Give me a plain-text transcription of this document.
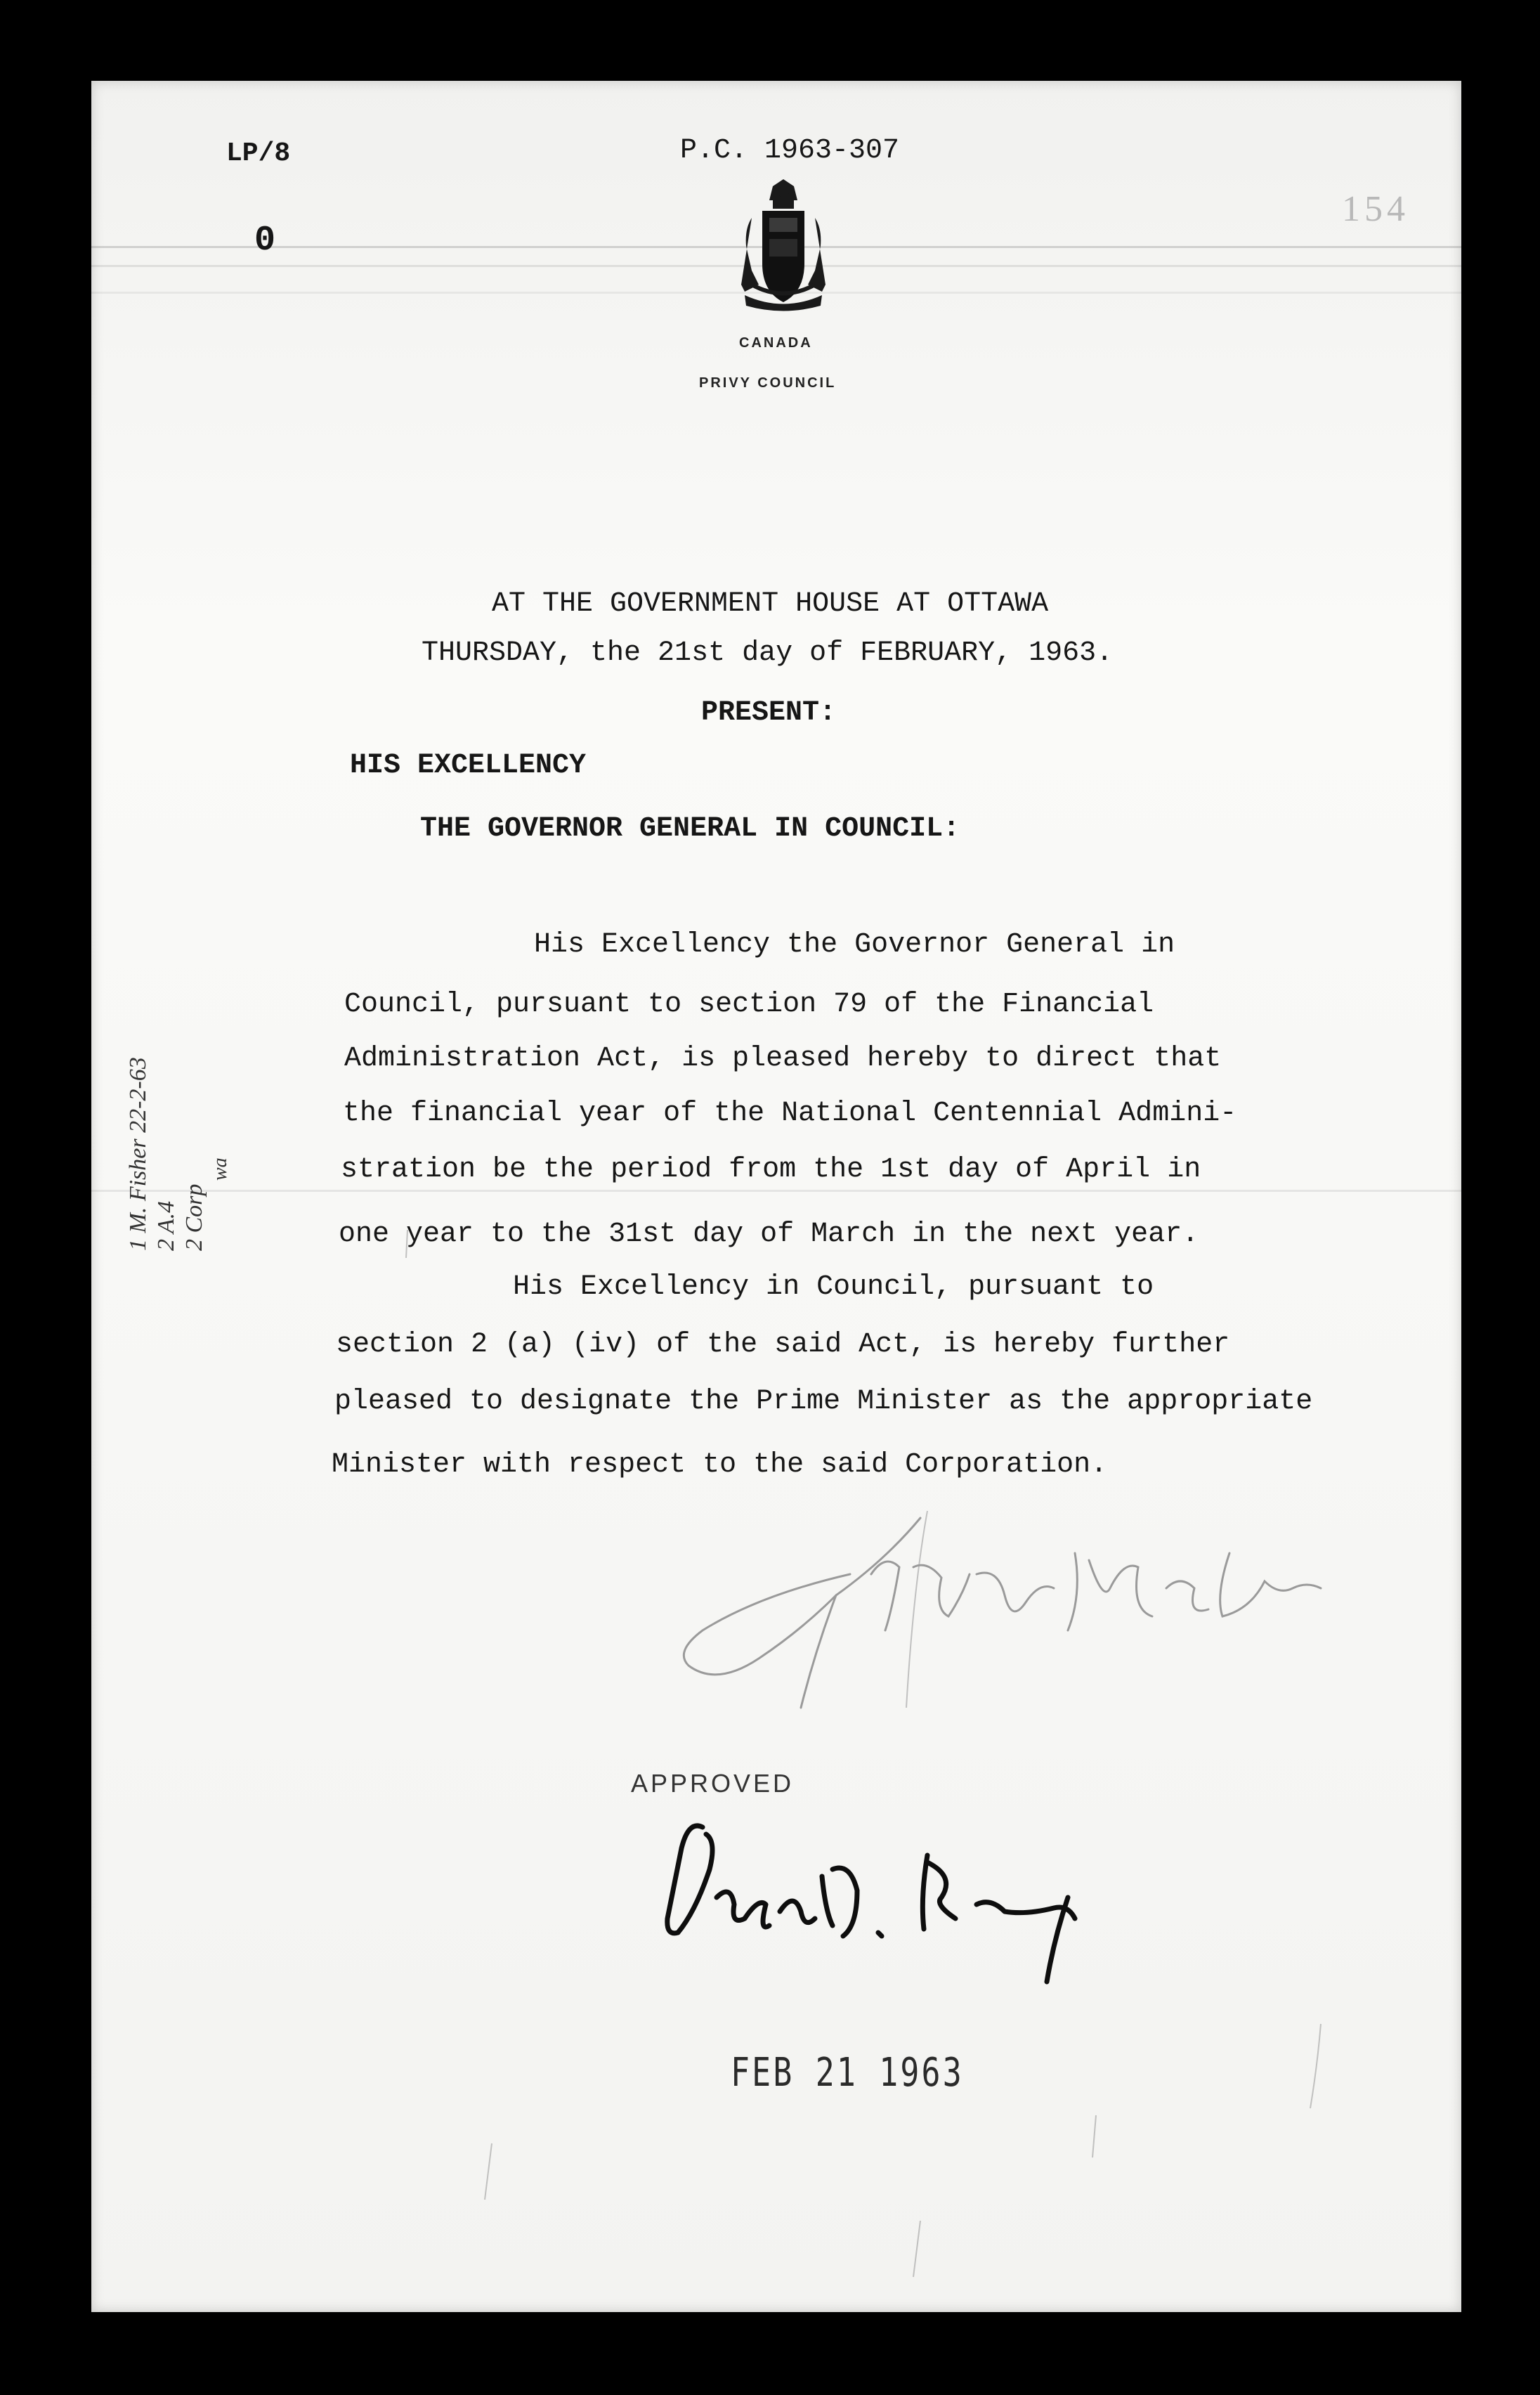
LP/8	P.C. 1963-307
0
154
CANADA
PRIVY COUNCIL
AT THE GOVERNMENT HOUSE AT OTTAWA
THURSDAY, the 21st day of FEBRUARY, 1963.
PRESENT:
HIS EXCELLENCY
THE GOVERNOR GENERAL IN COUNCIL:
His Excellency the Governor General in
Council, pursuant to section 79 of the Financial
Administration Act, is pleased hereby to direct that
the financial year of the National Centennial Admini-
stration be the period from the 1st day of April in
one year to the 31st day of March in the next year.
His Excellency in Council, pursuant to
section 2 (a) (iv) of the said Act, is hereby further
pleased to designate the Prime Minister as the appropriate
Minister with respect to the said Corporation.
APPROVED
FEB 21 1963
1 M. Fisher 22-2-63 2 A.4 2 Corp
wa
